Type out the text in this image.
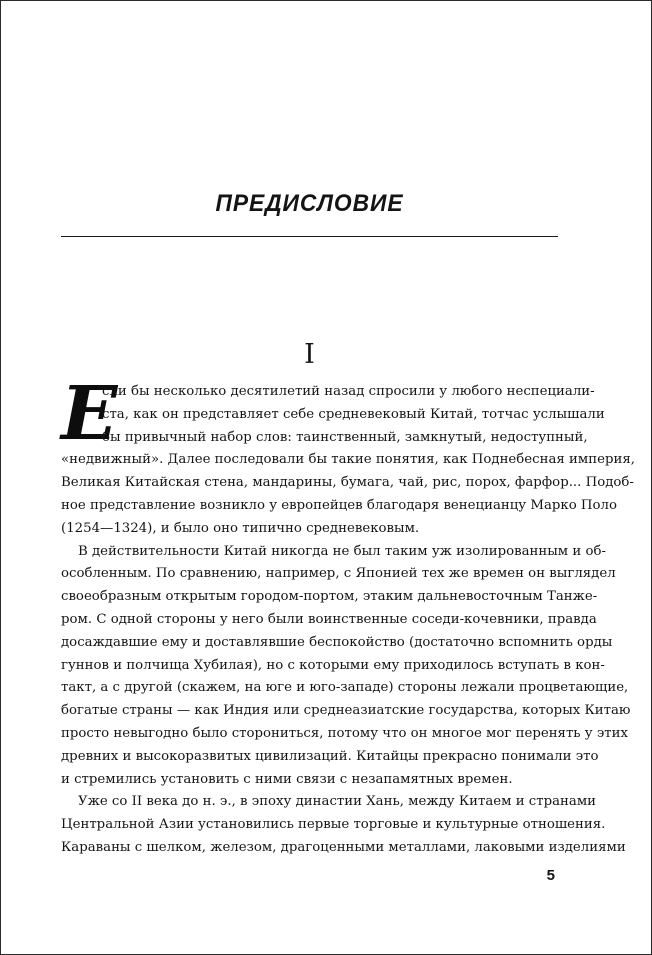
ПРЕДИСЛОВИЕ
I
Е
сли бы несколько десятилетий назад спросили у любого неспециали-
ста, как он представляет себе средневековый Китай, тотчас услышали
бы привычный набор слов: таинственный, замкнутый, недоступный,
«недвижный». Далее последовали бы такие понятия, как Поднебесная империя,
Великая Китайская стена, мандарины, бумага, чай, рис, порох, фарфор... Подоб-
ное представление возникло у европейцев благодаря венецианцу Марко Поло
(1254—1324), и было оно типично средневековым.
В действительности Китай никогда не был таким уж изолированным и об-
особленным. По сравнению, например, с Японией тех же времен он выглядел
своеобразным открытым городом-портом, этаким дальневосточным Танже-
ром. С одной стороны у него были воинственные соседи-кочевники, правда
досаждавшие ему и доставлявшие беспокойство (достаточно вспомнить орды
гуннов и полчища Хубилая), но с которыми ему приходилось вступать в кон-
такт, а с другой (скажем, на юге и юго-западе) стороны лежали процветающие,
богатые страны — как Индия или среднеазиатские государства, которых Китаю
просто невыгодно было сторониться, потому что он многое мог перенять у этих
древних и высокоразвитых цивилизаций. Китайцы прекрасно понимали это
и стремились установить с ними связи с незапамятных времен.
Уже со II века до н. э., в эпоху династии Хань, между Китаем и странами
Центральной Азии установились первые торговые и культурные отношения.
Караваны с шелком, железом, драгоценными металлами, лаковыми изделиями
5
